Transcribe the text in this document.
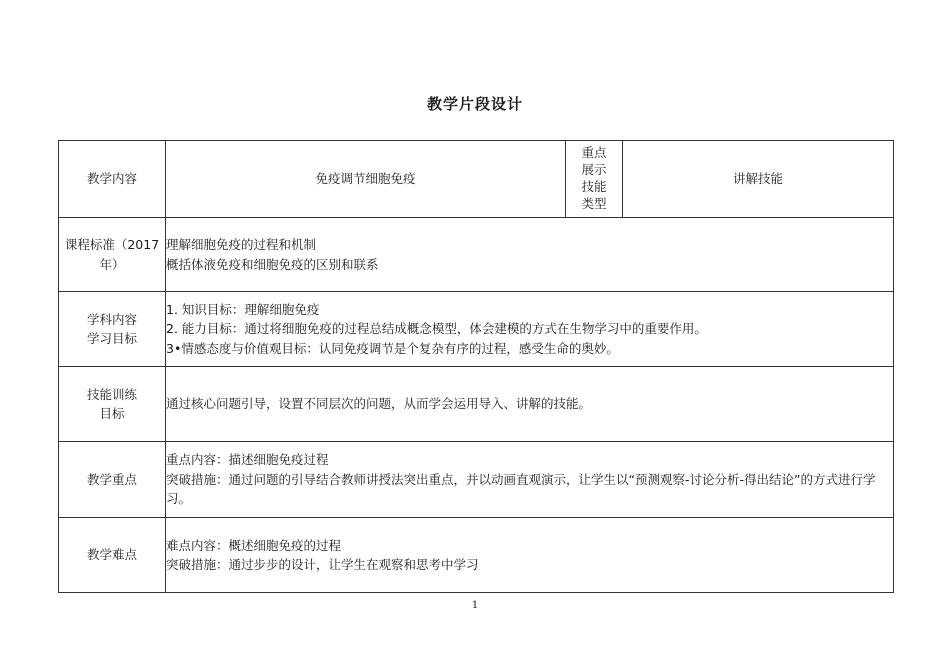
教学片段设计
教学内容	免疫调节细胞免疫	重点
展示
技能
类型	讲解技能
课程标准（2017年）	理解细胞免疫的过程和机制
概括体液免疫和细胞免疫的区别和联系		

学科内容
学习目标	1. 知识目标：理解细胞免疫
2. 能力目标：通过将细胞免疫的过程总结成概念模型，体会建模的方式在生物学习中的重要作用。
3•情感态度与价值观目标：认同免疫调节是个复杂有序的过程，感受生命的奥妙。		

技能训练
目标	通过核心问题引导，设置不同层次的问题，从而学会运用导入、讲解的技能。		
教学重点	重点内容：描述细胞免疫过程
突破措施：通过问题的引导结合教师讲授法突出重点，并以动画直观演示，让学生以“预测观察-讨论分析-得出结论”的方式进行学习。		

教学难点	难点内容：概述细胞免疫的过程
突破措施：通过步步的设计，让学生在观察和思考中学习		
1
